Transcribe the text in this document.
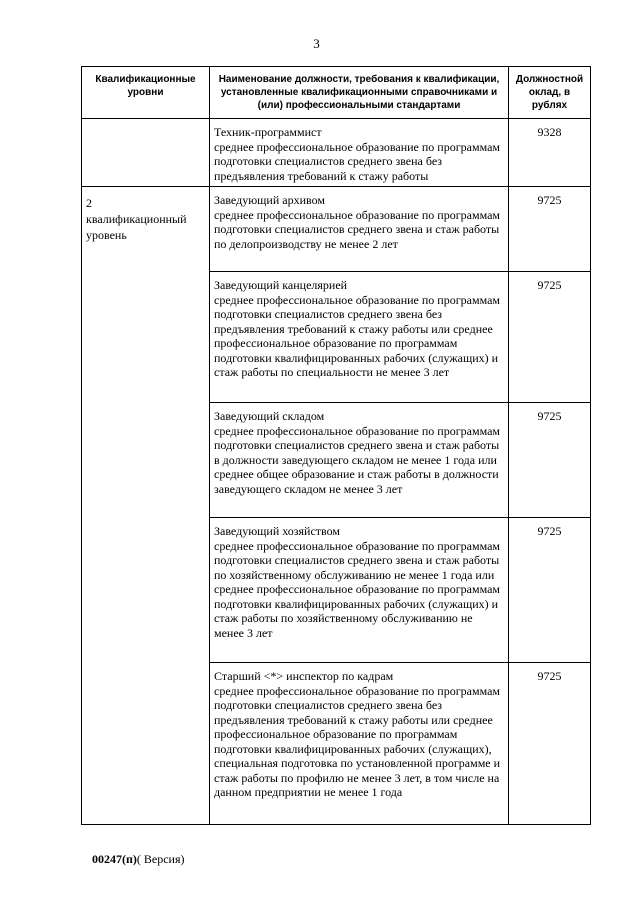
3
Квалификационные уровни	Наименование должности, требования к квалификации, установленные квалификационными справочниками и (или) профессиональными стандартами	Должностной оклад, в рублях

	Техник-программист
среднее профессиональное образование по программам подготовки специалистов среднего звена без предъявления требований к стажу работы	9328
2
квалификационный уровень	Заведующий архивом
среднее профессиональное образование по программам подготовки специалистов среднего звена и стаж работы по делопроизводству не менее 2 лет	9725

	Заведующий канцелярией
среднее профессиональное образование по программам подготовки специалистов среднего звена без предъявления требований к стажу работы или среднее профессиональное образование по программам подготовки квалифицированных рабочих (служащих) и стаж работы по специальности не менее 3 лет	9725

	Заведующий складом
среднее профессиональное образование по программам подготовки специалистов среднего звена и стаж работы в должности заведующего складом не менее 1 года или среднее общее образование и стаж работы в должности заведующего складом не менее 3 лет	9725

	Заведующий хозяйством
среднее профессиональное образование по программам подготовки специалистов среднего звена и стаж работы по хозяйственному обслуживанию не менее 1 года или среднее профессиональное образование по программам подготовки квалифицированных рабочих (служащих) и стаж работы по хозяйственному обслуживанию не менее 3 лет	9725

	Старший <*> инспектор по кадрам
среднее профессиональное образование по программам подготовки специалистов среднего звена без предъявления требований к стажу работы или среднее профессиональное образование по программам подготовки квалифицированных рабочих (служащих), специальная подготовка по установленной программе и стаж работы по профилю не менее 3 лет, в том числе на данном предприятии не менее 1 года	9725
00247(п)( Версия)
